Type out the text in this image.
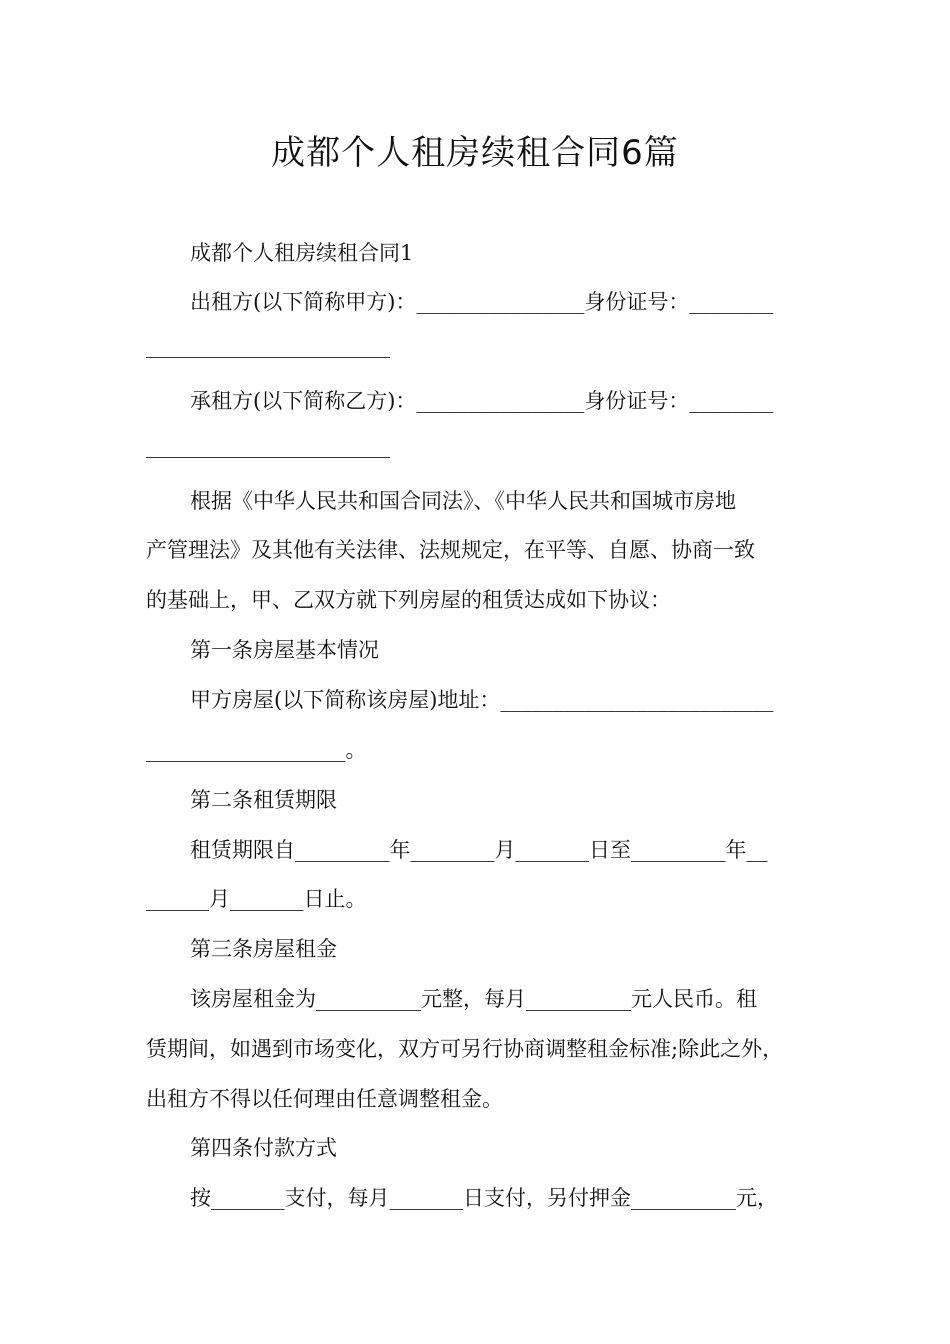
成都个人租房续租合同6篇
成都个人租房续租合同1
出租方(以下简称甲方)：________________身份证号：________
承租方(以下简称乙方)：________________身份证号：________
根据《中华人民共和国合同法》、《中华人民共和国城市房地
产管理法》及其他有关法律、法规规定，在平等、自愿、协商一致
的基础上，甲、乙双方就下列房屋的租赁达成如下协议：
第一条房屋基本情况
甲方房屋(以下简称该房屋)地址：__________________________
___________________。
第二条租赁期限
租赁期限自_________年________月_______日至_________年__
______月_______日止。
第三条房屋租金
该房屋租金为__________元整，每月__________元人民币。租
赁期间，如遇到市场变化，双方可另行协商调整租金标准;除此之外，
出租方不得以任何理由任意调整租金。
第四条付款方式
按_______支付，每月_______日支付，另付押金__________元，
